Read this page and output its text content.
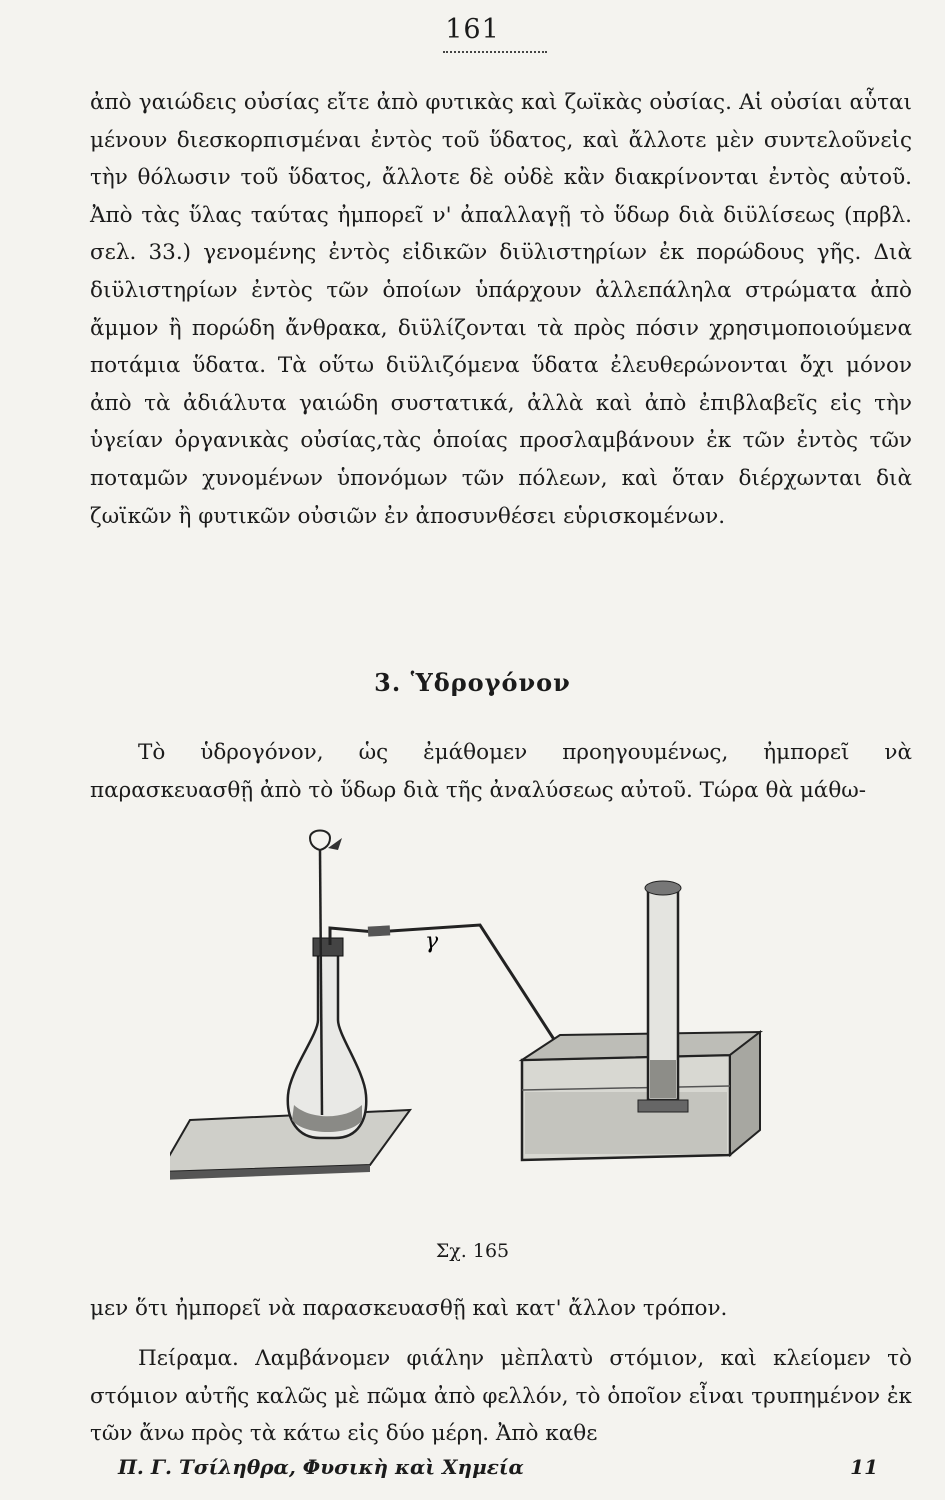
161

ἀπὸ γαιώδεις οὐσίας εἴτε ἀπὸ φυτικὰς καὶ ζωϊκὰς οὐσίας. Αἱ οὐσίαι αὗται μένουν διεσκορπισμέναι ἐντὸς τοῦ ὕδατος, καὶ ἄλλοτε μὲν συντελοῦνεἰς τὴν θόλωσιν τοῦ ὕδατος, ἄλλοτε δὲ οὐδὲ κἂν διακρίνονται ἐντὸς αὐτοῦ. Ἀπὸ τὰς ὕλας ταύτας ἠμπορεῖ ν' ἀπαλλαγῇ τὸ ὕδωρ διὰ διϋλίσεως (πρβλ. σελ. 33.) γενομένης ἐντὸς εἰδικῶν διϋλιστηρίων ἐκ πορώδους γῆς. Διὰ διϋλιστηρίων ἐντὸς τῶν ὁποίων ὑπάρχουν ἀλλεπάληλα στρώματα ἀπὸ ἄμμον ἢ πορώδη ἄνθρακα, διϋλίζονται τὰ πρὸς πόσιν χρησιμοποιούμενα ποτάμια ὕδατα. Τὰ οὕτω διϋλιζόμενα ὕδατα ἐλευθερώνονται ὄχι μόνον ἀπὸ τὰ ἀδιάλυτα γαιώδη συστατικά, ἀλλὰ καὶ ἀπὸ ἐπιβλαβεῖς εἰς τὴν ὑγείαν ὀργανικὰς οὐσίας,τὰς ὁποίας προσλαμβάνουν ἐκ τῶν ἐντὸς τῶν ποταμῶν χυνομένων ὑπονόμων τῶν πόλεων, καὶ ὅταν διέρχωνται διὰ ζωϊκῶν ἢ φυτικῶν οὐσιῶν ἐν ἀποσυνθέσει εὑρισκομένων.

3. Ὑδρογόνον

Τὸ ὑδρογόνον, ὡς ἐμάθομεν προηγουμένως, ἠμπορεῖ νὰ παρασκευασθῇ ἀπὸ τὸ ὕδωρ διὰ τῆς ἀναλύσεως αὐτοῦ. Τώρα θὰ μάθω-

γ
Σχ. 165

μεν ὅτι ἠμπορεῖ νὰ παρασκευασθῇ καὶ κατ' ἄλλον τρόπον.

Πείραμα. Λαμβάνομεν φιάλην μὲπλατὺ στόμιον, καὶ κλείομεν τὸ στόμιον αὐτῆς καλῶς μὲ πῶμα ἀπὸ φελλόν, τὸ ὁποῖον εἶναι τρυπημένον ἐκ τῶν ἄνω πρὸς τὰ κάτω εἰς δύο μέρη. Ἀπὸ καθε

Π. Γ. Τσίληθρα, Φυσικὴ καὶ Χημεία	11
